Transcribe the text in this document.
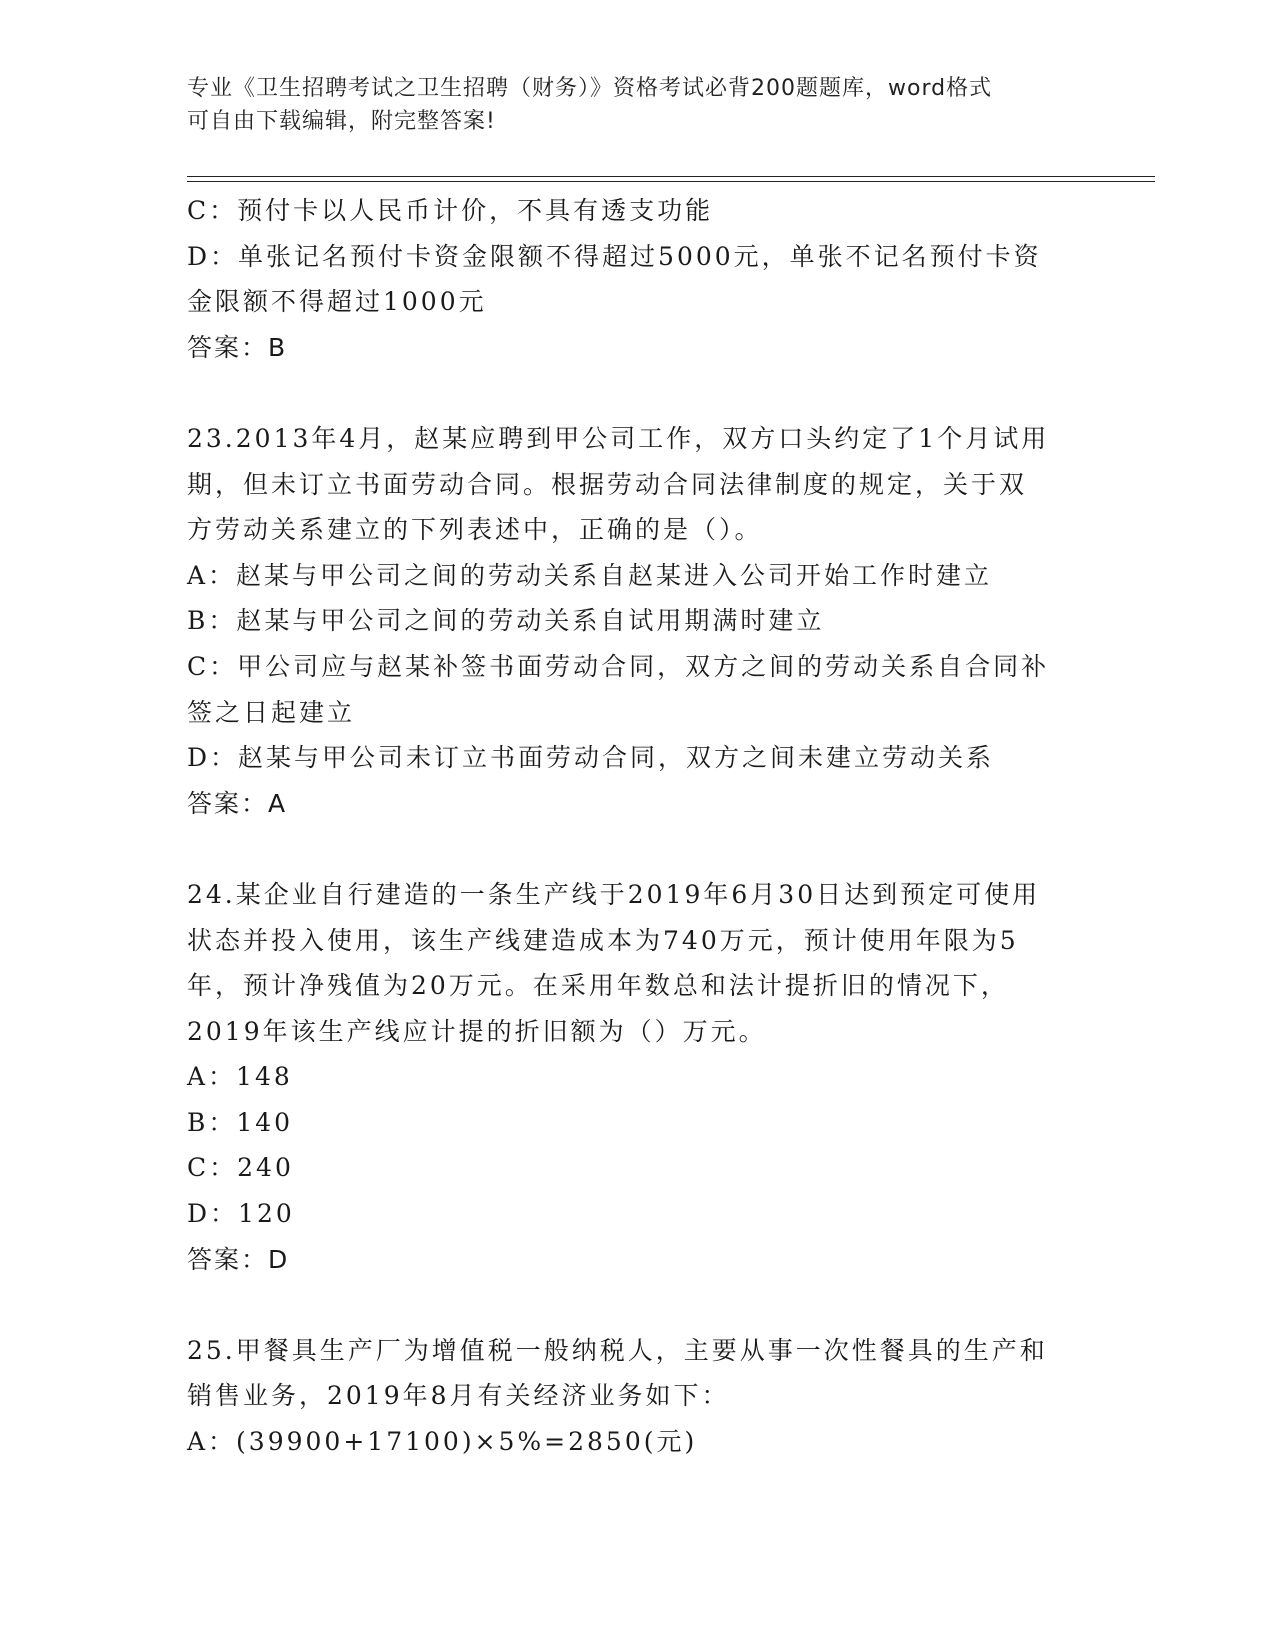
专业《卫生招聘考试之卫生招聘（财务）》资格考试必背200题题库，word格式
可自由下载编辑，附完整答案!
C：预付卡以人民币计价，不具有透支功能
D：单张记名预付卡资金限额不得超过5000元，单张不记名预付卡资
金限额不得超过1000元
答案：B
23.2013年4月，赵某应聘到甲公司工作，双方口头约定了1个月试用
期，但未订立书面劳动合同。根据劳动合同法律制度的规定，关于双
方劳动关系建立的下列表述中，正确的是（）。
A：赵某与甲公司之间的劳动关系自赵某进入公司开始工作时建立
B：赵某与甲公司之间的劳动关系自试用期满时建立
C：甲公司应与赵某补签书面劳动合同，双方之间的劳动关系自合同补
签之日起建立
D：赵某与甲公司未订立书面劳动合同，双方之间未建立劳动关系
答案：A
24.某企业自行建造的一条生产线于2019年6月30日达到预定可使用
状态并投入使用，该生产线建造成本为740万元，预计使用年限为5
年，预计净残值为20万元。在采用年数总和法计提折旧的情况下，
2019年该生产线应计提的折旧额为（）万元。
A：148
B：140
C：240
D：120
答案：D
25.甲餐具生产厂为增值税一般纳税人，主要从事一次性餐具的生产和
销售业务，2019年8月有关经济业务如下：
A：(39900+17100)×5%=2850(元)
